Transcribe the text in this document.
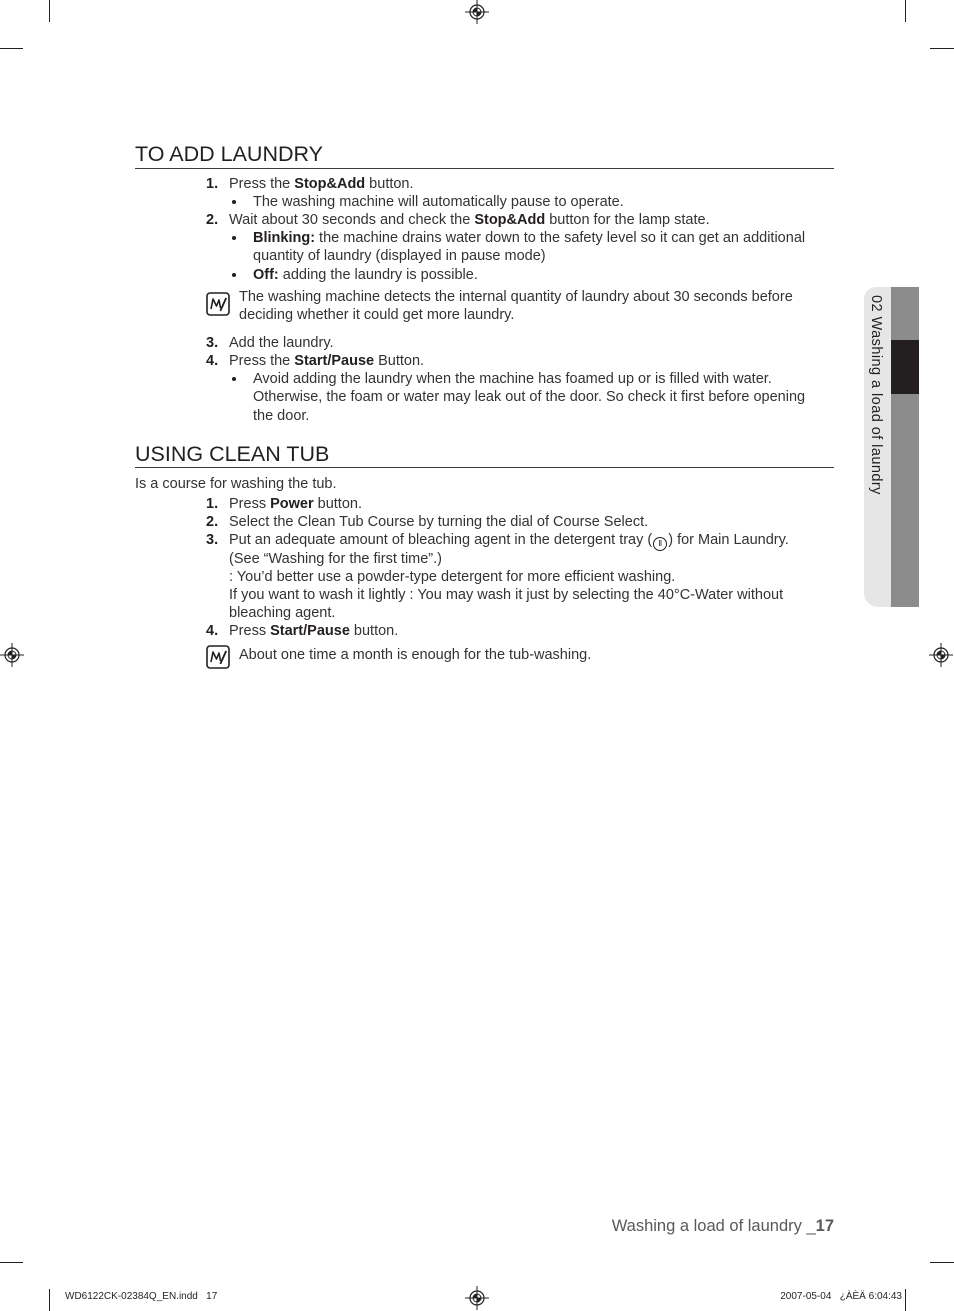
02 Washing a load of laundry
TO ADD LAUNDRY
1. Press the Stop&Add button.
The washing machine will automatically pause to operate.
2. Wait about 30 seconds and check the Stop&Add button for the lamp state.
Blinking: the machine drains water down to the safety level so it can get an additional
quantity of laundry (displayed in pause mode)
Off: adding the laundry is possible.
The washing machine detects the internal quantity of laundry about 30 seconds before
deciding whether it could get more laundry.
3. Add the laundry.
4. Press the Start/Pause Button.
Avoid adding the laundry when the machine has foamed up or is filled with water.
Otherwise, the foam or water may leak out of the door. So check it first before opening
the door.
USING CLEAN TUB
Is a course for washing the tub.
1. Press Power button.
2. Select the Clean Tub Course by turning the dial of Course Select.
3. Put an adequate amount of bleaching agent in the detergent tray ( Ⅱ ) for Main Laundry.
(See “Washing for the first time”.)
: You’d better use a powder-type detergent for more efficient washing.
If you want to wash it lightly : You may wash it just by selecting the 40°C-Water without
bleaching agent.
4. Press Start/Pause button.
About one time a month is enough for the tub-washing.
Washing a load of laundry _17
WD6122CK-02384Q_EN.indd   17	2007-05-04   ¿ÀÈÄ 6:04:43
